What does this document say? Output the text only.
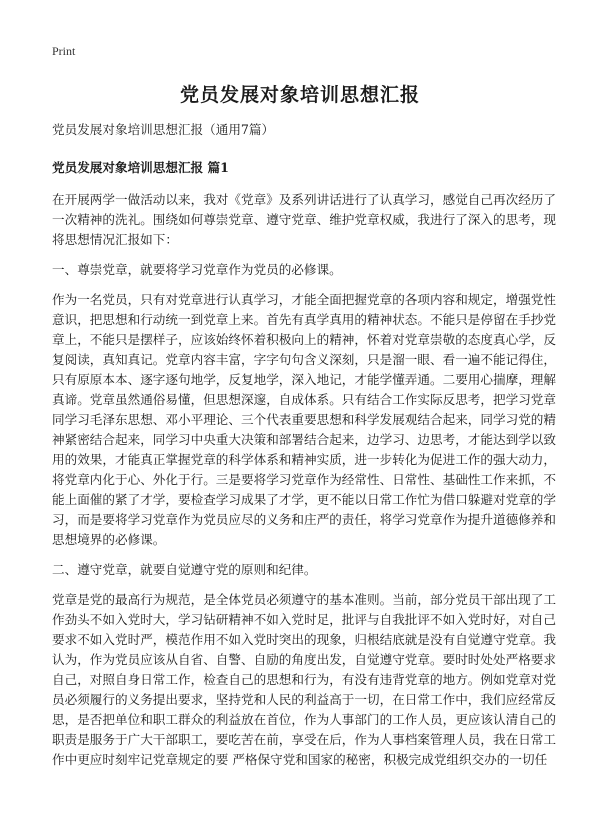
Print
党员发展对象培训思想汇报

党员发展对象培训思想汇报（通用7篇）

党员发展对象培训思想汇报 篇1

在开展两学一做活动以来，我对《党章》及系列讲话进行了认真学习，感觉自己再次经历了一次精神的洗礼。围绕如何尊崇党章、遵守党章、维护党章权威，我进行了深入的思考，现将思想情况汇报如下：

一、尊崇党章，就要将学习党章作为党员的必修课。

作为一名党员，只有对党章进行认真学习，才能全面把握党章的各项内容和规定，增强党性意识，把思想和行动统一到党章上来。首先有真学真用的精神状态。不能只是停留在手抄党章上，不能只是摆样子，应该始终怀着积极向上的精神，怀着对党章崇敬的态度真心学，反复阅读，真知真记。党章内容丰富，字字句句含义深刻，只是溜一眼、看一遍不能记得住，只有原原本本、逐字逐句地学，反复地学，深入地记，才能学懂弄通。二要用心揣摩，理解真谛。党章虽然通俗易懂，但思想深邃，自成体系。只有结合工作实际反思考，把学习党章同学习毛泽东思想、邓小平理论、三个代表重要思想和科学发展观结合起来，同学习党的精神紧密结合起来，同学习中央重大决策和部署结合起来，边学习、边思考，才能达到学以致用的效果，才能真正掌握党章的科学体系和精神实质，进一步转化为促进工作的强大动力，将党章内化于心、外化于行。三是要将学习党章作为经常性、日常性、基础性工作来抓，不能上面催的紧了才学，要检查学习成果了才学，更不能以日常工作忙为借口躲避对党章的学习，而是要将学习党章作为党员应尽的义务和庄严的责任，将学习党章作为提升道德修养和思想境界的必修课。

二、遵守党章，就要自觉遵守党的原则和纪律。

党章是党的最高行为规范，是全体党员必须遵守的基本准则。当前，部分党员干部出现了工作劲头不如入党时大，学习钻研精神不如入党时足，批评与自我批评不如入党时好，对自己要求不如入党时严，模范作用不如入党时突出的现象，归根结底就是没有自觉遵守党章。我认为，作为党员应该从自省、自警、自励的角度出发，自觉遵守党章。要时时处处严格要求自己，对照自身日常工作，检查自己的思想和行为，有没有违背党章的地方。例如党章对党员必须履行的义务提出要求，坚持党和人民的利益高于一切，在日常工作中，我们应经常反思，是否把单位和职工群众的利益放在首位，作为人事部门的工作人员，更应该认清自己的职责是服务于广大干部职工，要吃苦在前，享受在后，作为人事档案管理人员，我在日常工作中更应时刻牢记党章规定的要 严格保守党和国家的秘密，积极完成党组织交办的一切任
